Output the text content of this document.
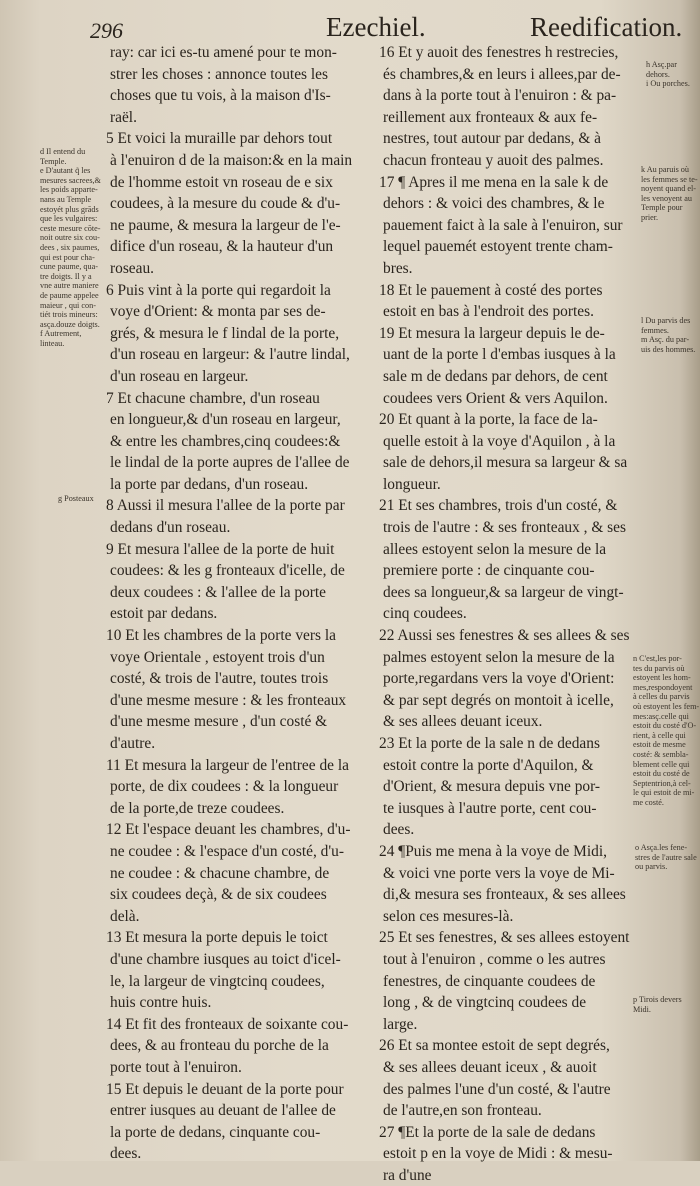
296	Ezechiel.	Reedification.

ray: car ici es-tu amené pour te mon-

strer les choses : annonce toutes les

choses que tu vois, à la maison d'Is-

raël.

5 Et voici la muraille par dehors tout

à l'enuiron d de la maison:& en la main

de l'homme estoit vn roseau de e six

coudees, à la mesure du coude & d'u-

ne paume, & mesura la largeur de l'e-

difice d'un roseau, & la hauteur d'un

roseau.

6 Puis vint à la porte qui regardoit la

voye d'Orient: & monta par ses de-

grés, & mesura le f lindal de la porte,

d'un roseau en largeur: & l'autre lindal,

d'un roseau en largeur.

7 Et chacune chambre, d'un roseau

en longueur,& d'un roseau en largeur,

& entre les chambres,cinq coudees:&

le lindal de la porte aupres de l'allee de

la porte par dedans, d'un roseau.

8 Aussi il mesura l'allee de la porte par

dedans d'un roseau.

9 Et mesura l'allee de la porte de huit

coudees: & les g fronteaux d'icelle, de

deux coudees : & l'allee de la porte

estoit par dedans.

10 Et les chambres de la porte vers la

voye Orientale , estoyent trois d'un

costé, & trois de l'autre, toutes trois

d'une mesme mesure : & les fronteaux

d'une mesme mesure , d'un costé &

d'autre.

11 Et mesura la largeur de l'entree de la

porte, de dix coudees : & la longueur

de la porte,de treze coudees.

12 Et l'espace deuant les chambres, d'u-

ne coudee : & l'espace d'un costé, d'u-

ne coudee : & chacune chambre, de

six coudees deçà, & de six coudees

delà.

13 Et mesura la porte depuis le toict

d'une chambre iusques au toict d'icel-

le, la largeur de vingtcinq coudees,

huis contre huis.

14 Et fit des fronteaux de soixante cou-

dees, & au fronteau du porche de la

porte tout à l'enuiron.

15 Et depuis le deuant de la porte pour

entrer iusques au deuant de l'allee de

la porte de dedans, cinquante cou-

dees.

16 Et y auoit des fenestres h restrecies,

és chambres,& en leurs i allees,par de-

dans à la porte tout à l'enuiron : & pa-

reillement aux fronteaux & aux fe-

nestres, tout autour par dedans, & à

chacun fronteau y auoit des palmes.

17 ¶ Apres il me mena en la sale k de

dehors : & voici des chambres, & le

pauement faict à la sale à l'enuiron, sur

lequel pauemét estoyent trente cham-

bres.

18 Et le pauement à costé des portes

estoit en bas à l'endroit des portes.

19 Et mesura la largeur depuis le de-

uant de la porte l d'embas iusques à la

sale m de dedans par dehors, de cent

coudees vers Orient & vers Aquilon.

20 Et quant à la porte, la face de la-

quelle estoit à la voye d'Aquilon , à la

sale de dehors,il mesura sa largeur & sa

longueur.

21 Et ses chambres, trois d'un costé, &

trois de l'autre : & ses fronteaux , & ses

allees estoyent selon la mesure de la

premiere porte : de cinquante cou-

dees sa longueur,& sa largeur de vingt-

cinq coudees.

22 Aussi ses fenestres & ses allees & ses

palmes estoyent selon la mesure de la

porte,regardans vers la voye d'Orient:

& par sept degrés on montoit à icelle,

& ses allees deuant iceux.

23 Et la porte de la sale n de dedans

estoit contre la porte d'Aquilon, &

d'Orient, & mesura depuis vne por-

te iusques à l'autre porte, cent cou-

dees.

24 ¶Puis me mena à la voye de Midi,

& voici vne porte vers la voye de Mi-

di,& mesura ses fronteaux, & ses allees

selon ces mesures-là.

25 Et ses fenestres, & ses allees estoyent

tout à l'enuiron , comme o les autres

fenestres, de cinquante coudees de

long , & de vingtcinq coudees de

large.

26 Et sa montee estoit de sept degrés,

& ses allees deuant iceux , & auoit

des palmes l'une d'un costé, & l'autre

de l'autre,en son fronteau.

27 ¶Et la porte de la sale de dedans

estoit p en la voye de Midi : & mesu-

ra d'une

d Il entend du

Temple.

e D'autant q̃ les

mesures sacrees,&

les poids apparte-

nans au Temple

estoyét plus grāds

que les vulgaires:

ceste mesure cōte-

noit outre six cou-

dees , six paumes,

qui est pour cha-

cune paume, qua-

tre doigts. Il y a

vne autre maniere

de paume appelee

maieur , qui con-

tiét trois mineurs:

asça.douze doigts.

f Autrement,

linteau.

g Posteaux

h Asç.par dehors.

i Ou porches.

k Au paruis où

les femmes se te-

noyent quand el-

les venoyent au

Temple pour prier.

l Du parvis des

femmes.

m Asç. du par-

uis des hommes.

n C'est,les por-

tes du parvis où

estoyent les hom-

mes,respondoyent

à celles du parvis

où estoyent les fem-

mes:asç.celle qui

estoit du costé d'O-

rient, à celle qui

estoit de mesme

costé: & sembla-

blement celle qui

estoit du costé de

Septentrion,à cel-

le qui estoit de mi-

me costé.

o Asça.les fene-

stres de l'autre sale

ou parvis.

p Tirois devers

Midi.
